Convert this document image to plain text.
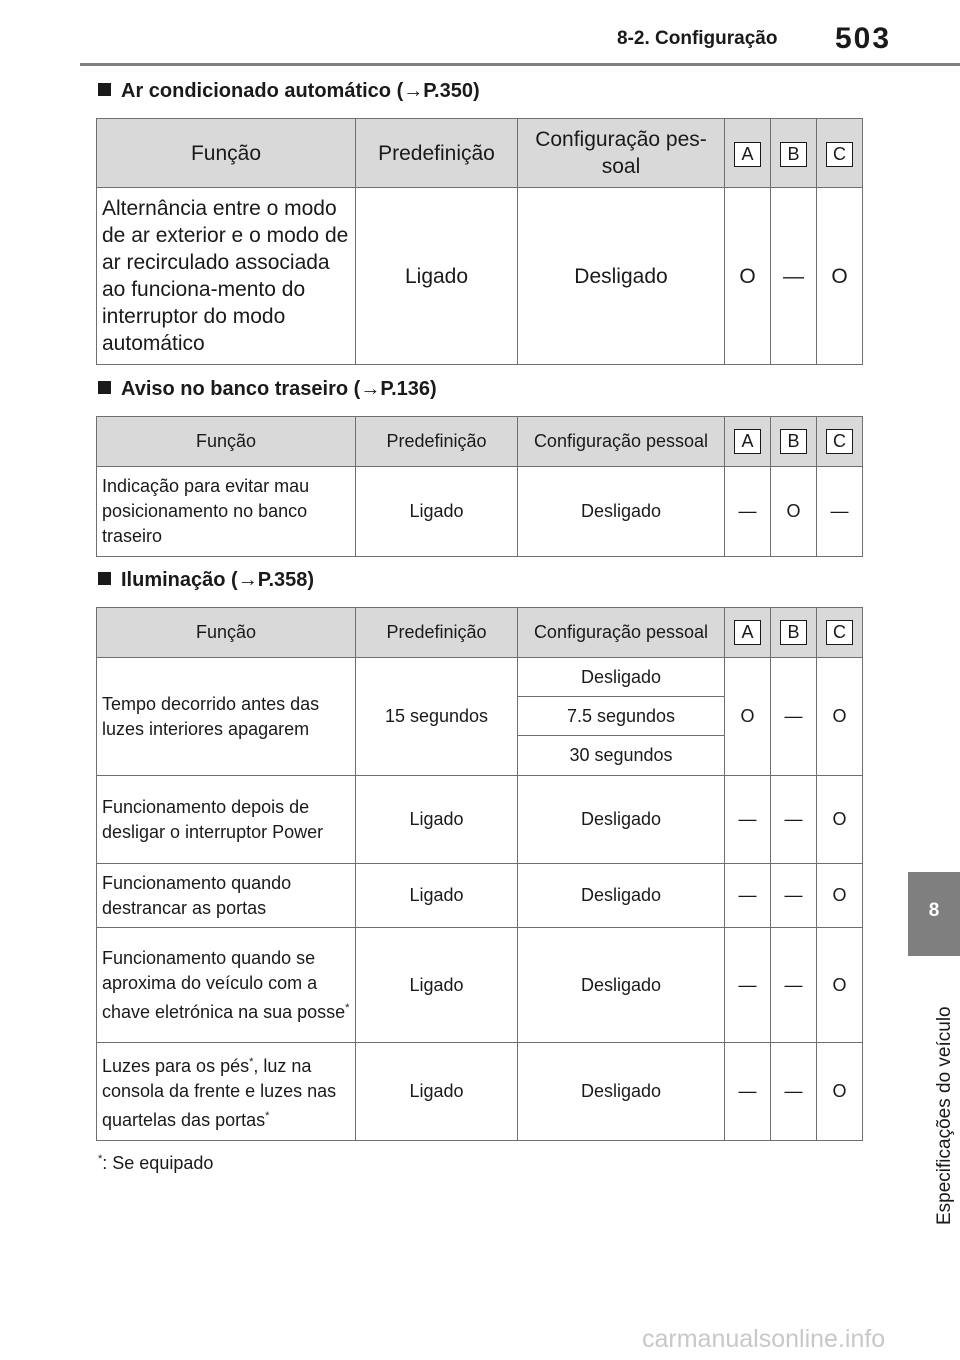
8-2. Configuração 503
8
Especificações do veículo
Ar condicionado automático (→P.350)
Função	Predefinição	Configuração pes-soal	A	B	C
Alternância entre o modo de ar exterior e o modo de ar recirculado associada ao funciona-mento do interruptor do modo automático	Ligado	Desligado	O	—	O
Aviso no banco traseiro (→P.136)
Função	Predefinição	Configuração pessoal	A	B	C
Indicação para evitar mau posicionamento no banco traseiro	Ligado	Desligado	—	O	—
Iluminação (→P.358)
Função	Predefinição	Configuração pessoal	A	B	C
Tempo decorrido antes das luzes interiores apagarem	15 segundos	Desligado	O	—	O
		7.5 segundos			
		30 segundos			
Funcionamento depois de desligar o interruptor Power	Ligado	Desligado	—	—	O
Funcionamento quando destrancar as portas	Ligado	Desligado	—	—	O
Funcionamento quando se aproxima do veículo com a chave eletrónica na sua posse*	Ligado	Desligado	—	—	O
Luzes para os pés*, luz na consola da frente e luzes nas quartelas das portas*	Ligado	Desligado	—	—	O
*: Se equipado
carmanualsonline.info
